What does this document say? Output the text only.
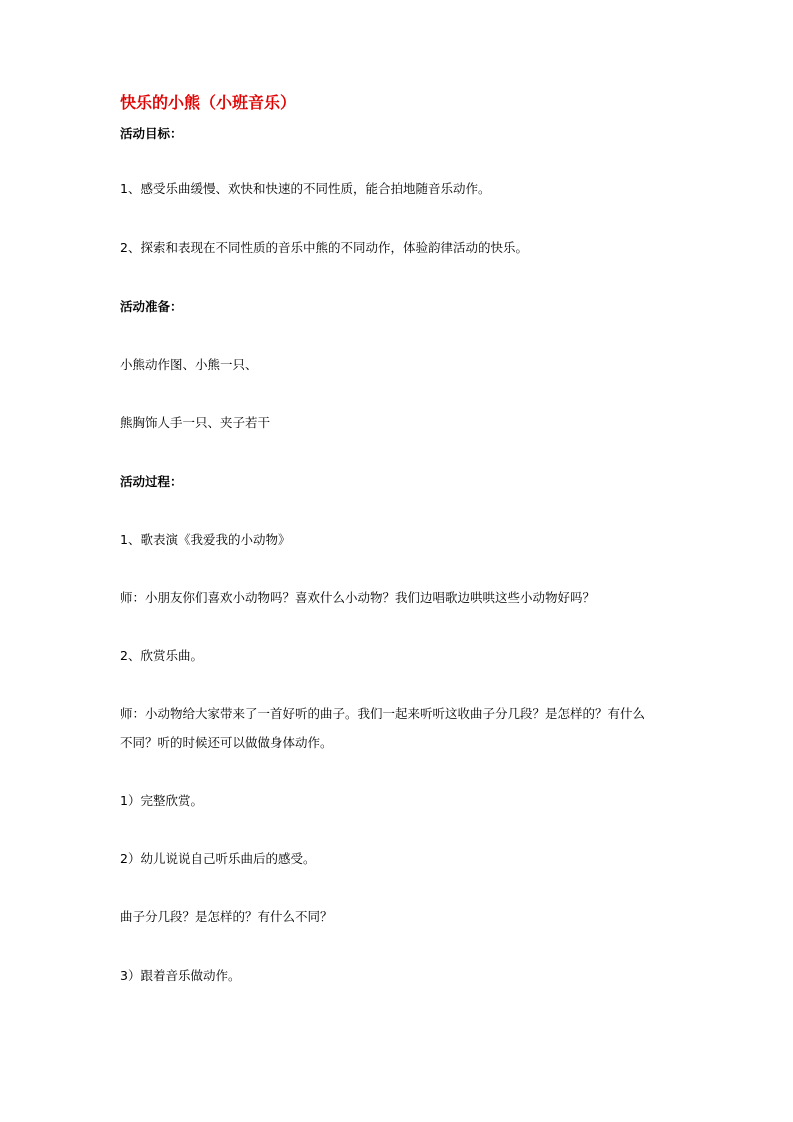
快乐的小熊（小班音乐）

活动目标：

1、感受乐曲缓慢、欢快和快速的不同性质，能合拍地随音乐动作。

2、探索和表现在不同性质的音乐中熊的不同动作，体验韵律活动的快乐。

活动准备：

小熊动作图、小熊一只、

熊胸饰人手一只、夹子若干

活动过程：

1、歌表演《我爱我的小动物》

师：小朋友你们喜欢小动物吗？喜欢什么小动物？我们边唱歌边哄哄这些小动物好吗？

2、欣赏乐曲。

师：小动物给大家带来了一首好听的曲子。我们一起来听听这收曲子分几段？是怎样的？有什么

不同？听的时候还可以做做身体动作。

1）完整欣赏。

2）幼儿说说自己听乐曲后的感受。

曲子分几段？是怎样的？有什么不同？

3）跟着音乐做动作。
